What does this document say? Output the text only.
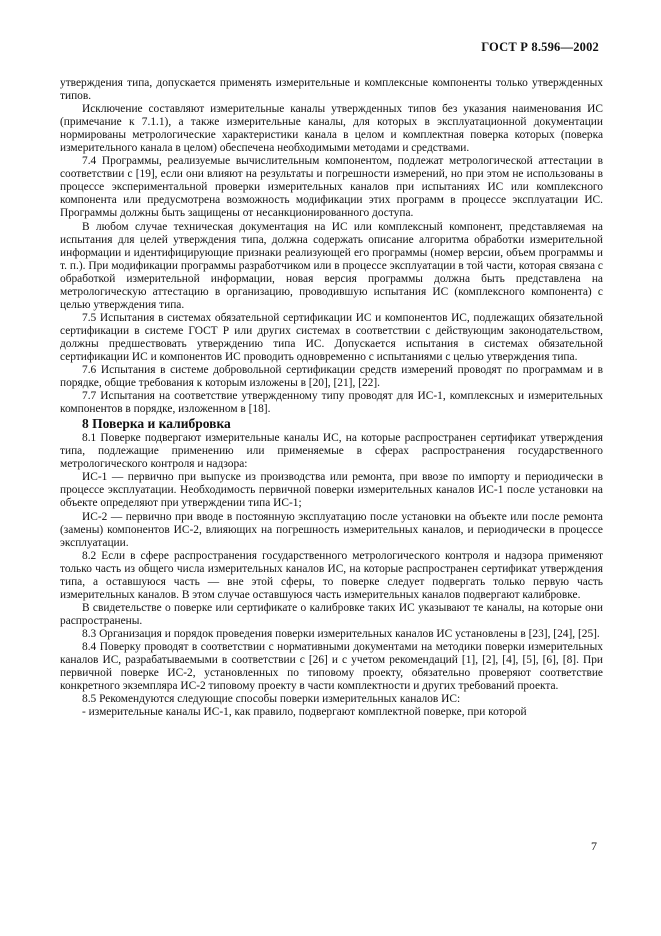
ГОСТ Р 8.596—2002

утверждения типа, допускается применять измерительные и комплексные компоненты только утвержденных типов.

Исключение составляют измерительные каналы утвержденных типов без указания наименования ИС (примечание к 7.1.1), а также измерительные каналы, для которых в эксплуатационной документации нормированы метрологические характеристики канала в целом и комплектная поверка которых (поверка измерительного канала в целом) обеспечена необходимыми методами и средствами.

7.4 Программы, реализуемые вычислительным компонентом, подлежат метрологической аттестации в соответствии с [19], если они влияют на результаты и погрешности измерений, но при этом не использованы в процессе экспериментальной проверки измерительных каналов при испытаниях ИС или комплексного компонента или предусмотрена возможность модификации этих программ в процессе эксплуатации ИС. Программы должны быть защищены от несанкционированного доступа.

В любом случае техническая документация на ИС или комплексный компонент, представляемая на испытания для целей утверждения типа, должна содержать описание алгоритма обработки измерительной информации и идентифицирующие признаки реализующей его программы (номер версии, объем программы и т. п.). При модификации программы разработчиком или в процессе эксплуатации в той части, которая связана с обработкой измерительной информации, новая версия программы должна быть представлена на метрологическую аттестацию в организацию, проводившую испытания ИС (комплексного компонента) с целью утверждения типа.

7.5 Испытания в системах обязательной сертификации ИС и компонентов ИС, подлежащих обязательной сертификации в системе ГОСТ Р или других системах в соответствии с действующим законодательством, должны предшествовать утверждению типа ИС. Допускается испытания в системах обязательной сертификации ИС и компонентов ИС проводить одновременно с испытаниями с целью утверждения типа.

7.6 Испытания в системе добровольной сертификации средств измерений проводят по программам и в порядке, общие требования к которым изложены в [20], [21], [22].

7.7 Испытания на соответствие утвержденному типу проводят для ИС-1, комплексных и измерительных компонентов в порядке, изложенном в [18].

8 Поверка и калибровка

8.1 Поверке подвергают измерительные каналы ИС, на которые распространен сертификат утверждения типа, подлежащие применению или применяемые в сферах распространения государственного метрологического контроля и надзора:

ИС-1 — первично при выпуске из производства или ремонта, при ввозе по импорту и периодически в процессе эксплуатации. Необходимость первичной поверки измерительных каналов ИС-1 после установки на объекте определяют при утверждении типа ИС-1;

ИС-2 — первично при вводе в постоянную эксплуатацию после установки на объекте или после ремонта (замены) компонентов ИС-2, влияющих на погрешность измерительных каналов, и периодически в процессе эксплуатации.

8.2 Если в сфере распространения государственного метрологического контроля и надзора применяют только часть из общего числа измерительных каналов ИС, на которые распространен сертификат утверждения типа, а оставшуюся часть — вне этой сферы, то поверке следует подвергать только первую часть измерительных каналов. В этом случае оставшуюся часть измерительных каналов подвергают калибровке.

В свидетельстве о поверке или сертификате о калибровке таких ИС указывают те каналы, на которые они распространены.

8.3 Организация и порядок проведения поверки измерительных каналов ИС установлены в [23], [24], [25].

8.4 Поверку проводят в соответствии с нормативными документами на методики поверки измерительных каналов ИС, разрабатываемыми в соответствии с [26] и с учетом рекомендаций [1], [2], [4], [5], [6], [8]. При первичной поверке ИС-2, установленных по типовому проекту, обязательно проверяют соответствие конкретного экземпляра ИС-2 типовому проекту в части комплектности и других требований проекта.

8.5 Рекомендуются следующие способы поверки измерительных каналов ИС:

- измерительные каналы ИС-1, как правило, подвергают комплектной поверке, при которой

7
